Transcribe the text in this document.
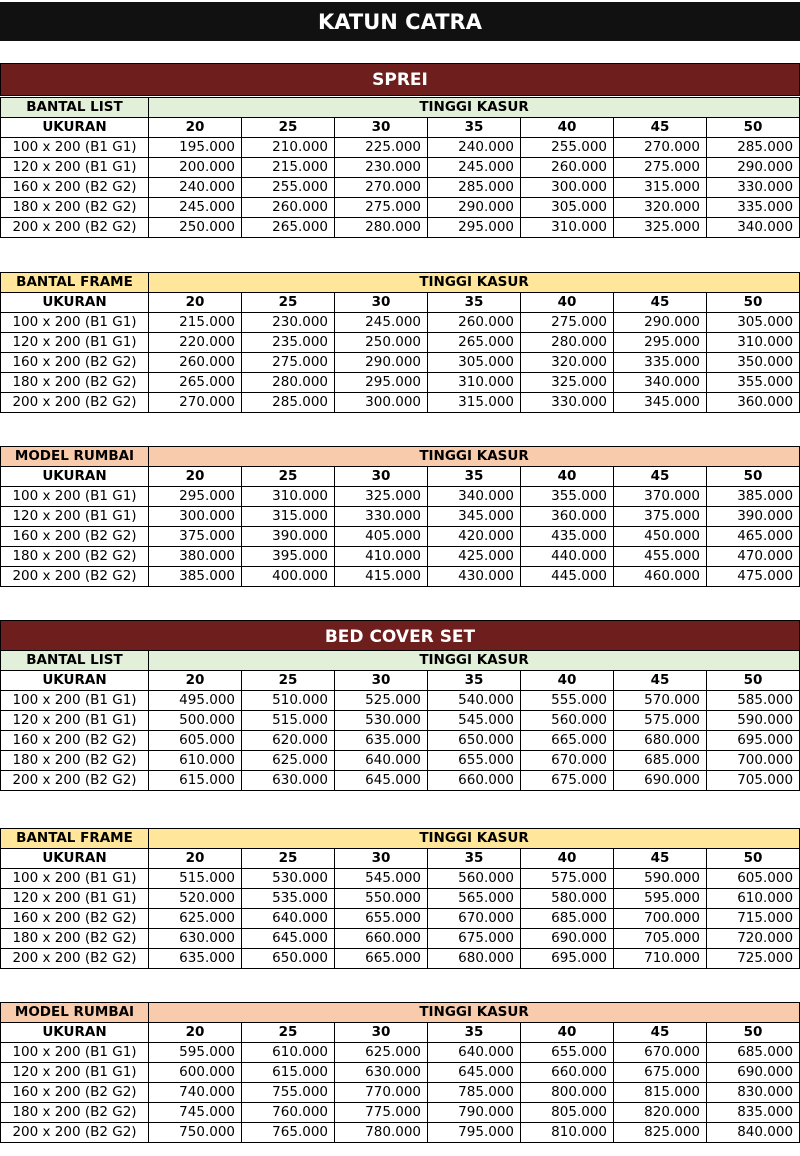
KATUN CATRA
SPREI
BANTAL LIST	TINGGI KASUR						
UKURAN	20	25	30	35	40	45	50
100 x 200 (B1 G1)	195.000	210.000	225.000	240.000	255.000	270.000	285.000
120 x 200 (B1 G1)	200.000	215.000	230.000	245.000	260.000	275.000	290.000
160 x 200 (B2 G2)	240.000	255.000	270.000	285.000	300.000	315.000	330.000
180 x 200 (B2 G2)	245.000	260.000	275.000	290.000	305.000	320.000	335.000
200 x 200 (B2 G2)	250.000	265.000	280.000	295.000	310.000	325.000	340.000
BANTAL FRAME	TINGGI KASUR						
UKURAN	20	25	30	35	40	45	50
100 x 200 (B1 G1)	215.000	230.000	245.000	260.000	275.000	290.000	305.000
120 x 200 (B1 G1)	220.000	235.000	250.000	265.000	280.000	295.000	310.000
160 x 200 (B2 G2)	260.000	275.000	290.000	305.000	320.000	335.000	350.000
180 x 200 (B2 G2)	265.000	280.000	295.000	310.000	325.000	340.000	355.000
200 x 200 (B2 G2)	270.000	285.000	300.000	315.000	330.000	345.000	360.000
MODEL RUMBAI	TINGGI KASUR						
UKURAN	20	25	30	35	40	45	50
100 x 200 (B1 G1)	295.000	310.000	325.000	340.000	355.000	370.000	385.000
120 x 200 (B1 G1)	300.000	315.000	330.000	345.000	360.000	375.000	390.000
160 x 200 (B2 G2)	375.000	390.000	405.000	420.000	435.000	450.000	465.000
180 x 200 (B2 G2)	380.000	395.000	410.000	425.000	440.000	455.000	470.000
200 x 200 (B2 G2)	385.000	400.000	415.000	430.000	445.000	460.000	475.000
BED COVER SET
BANTAL LIST	TINGGI KASUR						
UKURAN	20	25	30	35	40	45	50
100 x 200 (B1 G1)	495.000	510.000	525.000	540.000	555.000	570.000	585.000
120 x 200 (B1 G1)	500.000	515.000	530.000	545.000	560.000	575.000	590.000
160 x 200 (B2 G2)	605.000	620.000	635.000	650.000	665.000	680.000	695.000
180 x 200 (B2 G2)	610.000	625.000	640.000	655.000	670.000	685.000	700.000
200 x 200 (B2 G2)	615.000	630.000	645.000	660.000	675.000	690.000	705.000
BANTAL FRAME	TINGGI KASUR						
UKURAN	20	25	30	35	40	45	50
100 x 200 (B1 G1)	515.000	530.000	545.000	560.000	575.000	590.000	605.000
120 x 200 (B1 G1)	520.000	535.000	550.000	565.000	580.000	595.000	610.000
160 x 200 (B2 G2)	625.000	640.000	655.000	670.000	685.000	700.000	715.000
180 x 200 (B2 G2)	630.000	645.000	660.000	675.000	690.000	705.000	720.000
200 x 200 (B2 G2)	635.000	650.000	665.000	680.000	695.000	710.000	725.000
MODEL RUMBAI	TINGGI KASUR						
UKURAN	20	25	30	35	40	45	50
100 x 200 (B1 G1)	595.000	610.000	625.000	640.000	655.000	670.000	685.000
120 x 200 (B1 G1)	600.000	615.000	630.000	645.000	660.000	675.000	690.000
160 x 200 (B2 G2)	740.000	755.000	770.000	785.000	800.000	815.000	830.000
180 x 200 (B2 G2)	745.000	760.000	775.000	790.000	805.000	820.000	835.000
200 x 200 (B2 G2)	750.000	765.000	780.000	795.000	810.000	825.000	840.000
